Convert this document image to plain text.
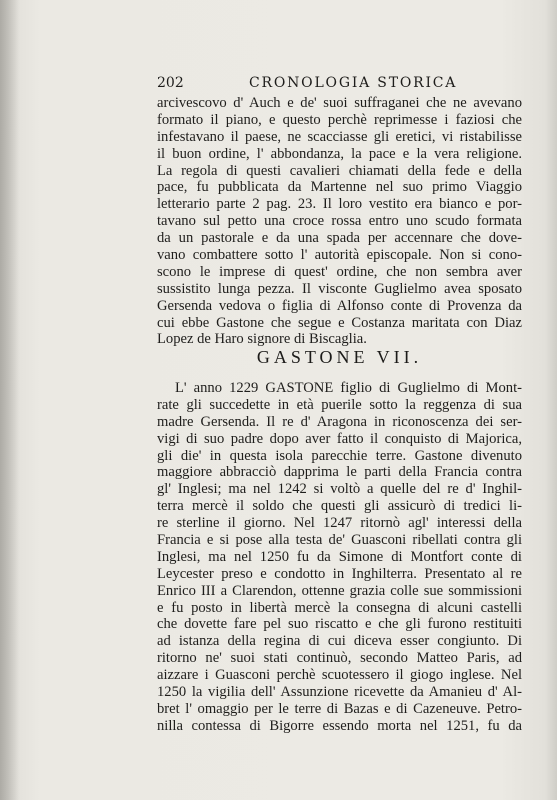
202	CRONOLOGIA STORICA
arcivescovo d' Auch e de' suoi suffraganei che ne avevano
formato il piano, e questo perchè reprimesse i faziosi che
infestavano il paese, ne scacciasse gli eretici, vi ristabilisse
il buon ordine, l' abbondanza, la pace e la vera religione.
La regola di questi cavalieri chiamati della fede e della
pace, fu pubblicata da Martenne nel suo primo Viaggio
letterario parte 2 pag. 23. Il loro vestito era bianco e por-
tavano sul petto una croce rossa entro uno scudo formata
da un pastorale e da una spada per accennare che dove-
vano combattere sotto l' autorità episcopale. Non si cono-
scono le imprese di quest' ordine, che non sembra aver
sussistito lunga pezza. Il visconte Guglielmo avea sposato
Gersenda vedova o figlia di Alfonso conte di Provenza da
cui ebbe Gastone che segue e Costanza maritata con Diaz
Lopez de Haro signore di Biscaglia.
GASTONE VII.
L' anno 1229 GASTONE figlio di Guglielmo di Mont-
rate gli succedette in età puerile sotto la reggenza di sua
madre Gersenda. Il re d' Aragona in riconoscenza dei ser-
vigi di suo padre dopo aver fatto il conquisto di Majorica,
gli die' in questa isola parecchie terre. Gastone divenuto
maggiore abbracciò dapprima le parti della Francia contra
gl' Inglesi; ma nel 1242 si voltò a quelle del re d' Inghil-
terra mercè il soldo che questi gli assicurò di tredici li-
re sterline il giorno. Nel 1247 ritornò agl' interessi della
Francia e si pose alla testa de' Guasconi ribellati contra gli
Inglesi, ma nel 1250 fu da Simone di Montfort conte di
Leycester preso e condotto in Inghilterra. Presentato al re
Enrico III a Clarendon, ottenne grazia colle sue sommissioni
e fu posto in libertà mercè la consegna di alcuni castelli
che dovette fare pel suo riscatto e che gli furono restituiti
ad istanza della regina di cui diceva esser congiunto. Di
ritorno ne' suoi stati continuò, secondo Matteo Paris, ad
aizzare i Guasconi perchè scuotessero il giogo inglese. Nel
1250 la vigilia dell' Assunzione ricevette da Amanieu d' Al-
bret l' omaggio per le terre di Bazas e di Cazeneuve. Petro-
nilla contessa di Bigorre essendo morta nel 1251, fu da
